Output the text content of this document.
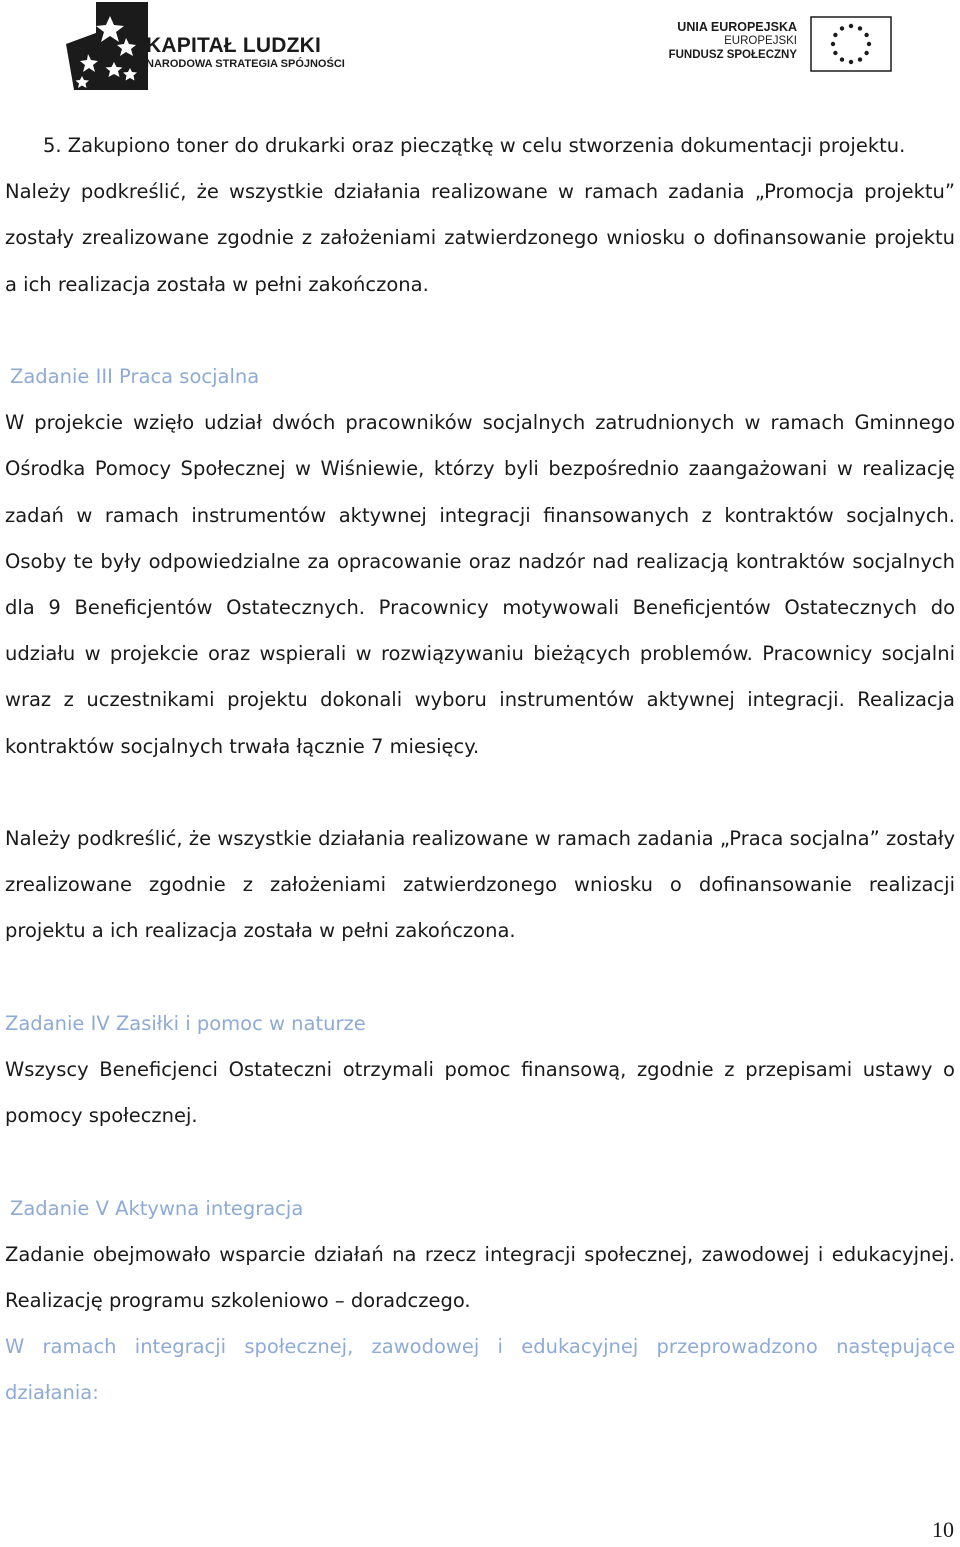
KAPITAŁ LUDZKI
NARODOWA STRATEGIA SPÓJNOŚCI
UNIA EUROPEJSKA
EUROPEJSKI
FUNDUSZ SPOŁECZNY

5. Zakupiono toner do drukarki oraz pieczątkę w celu stworzenia dokumentacji projektu.

Należy podkreślić, że wszystkie działania realizowane w ramach zadania „Promocja projektu” zostały zrealizowane zgodnie z założeniami zatwierdzonego wniosku o dofinansowanie projektu a ich realizacja została w pełni zakończona.

Zadanie III Praca socjalna

W projekcie wzięło udział dwóch pracowników socjalnych zatrudnionych w ramach Gminnego Ośrodka Pomocy Społecznej w Wiśniewie, którzy byli bezpośrednio zaangażowani w realizację zadań w ramach instrumentów aktywnej integracji finansowanych z kontraktów socjalnych. Osoby te były odpowiedzialne za opracowanie oraz nadzór nad realizacją kontraktów socjalnych dla 9 Beneficjentów Ostatecznych. Pracownicy motywowali Beneficjentów Ostatecznych do udziału w projekcie oraz wspierali w rozwiązywaniu bieżących problemów. Pracownicy socjalni wraz z uczestnikami projektu dokonali wyboru instrumentów aktywnej integracji. Realizacja kontraktów socjalnych trwała łącznie 7 miesięcy.

Należy podkreślić, że wszystkie działania realizowane w ramach zadania „Praca socjalna” zostały zrealizowane zgodnie z założeniami zatwierdzonego wniosku o dofinansowanie realizacji projektu a ich realizacja została w pełni zakończona.

Zadanie IV Zasiłki i pomoc w naturze

Wszyscy Beneficjenci Ostateczni otrzymali pomoc finansową, zgodnie z przepisami ustawy o pomocy społecznej.

Zadanie V Aktywna integracja

Zadanie obejmowało wsparcie działań na rzecz integracji społecznej, zawodowej i edukacyjnej. Realizację programu szkoleniowo – doradczego.

W ramach integracji społecznej, zawodowej i edukacyjnej przeprowadzono następujące działania:

10
